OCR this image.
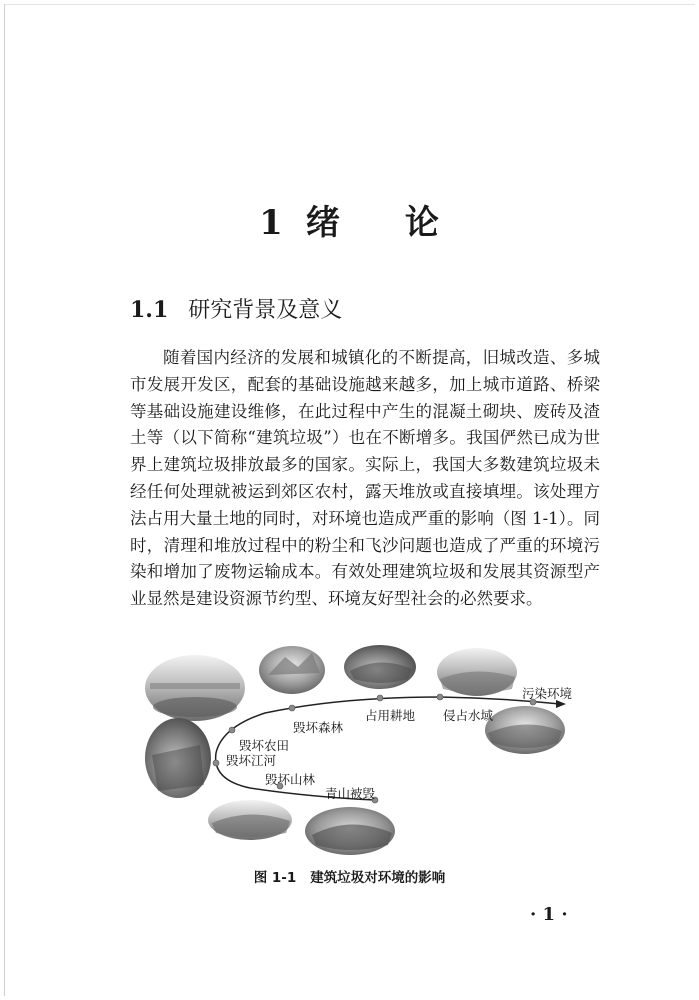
1 绪 论
1.1 研究背景及意义

随着国内经济的发展和城镇化的不断提高，旧城改造、多城市发展开发区，配套的基础设施越来越多，加上城市道路、桥梁等基础设施建设维修，在此过程中产生的混凝土砌块、废砖及渣土等（以下简称“建筑垃圾”）也在不断增多。我国俨然已成为世界上建筑垃圾排放最多的国家。实际上，我国大多数建筑垃圾未经任何处理就被运到郊区农村，露天堆放或直接填埋。该处理方法占用大量土地的同时，对环境也造成严重的影响（图 1-1）。同时，清理和堆放过程中的粉尘和飞沙问题也造成了严重的环境污染和增加了废物运输成本。有效处理建筑垃圾和发展其资源型产业显然是建设资源节约型、环境友好型社会的必然要求。

污染环境
侵占水域
占用耕地
毁坏森林
毁坏农田
毁坏江河
毁坏山林
青山被毁
图 1-1 建筑垃圾对环境的影响
· 1 ·
